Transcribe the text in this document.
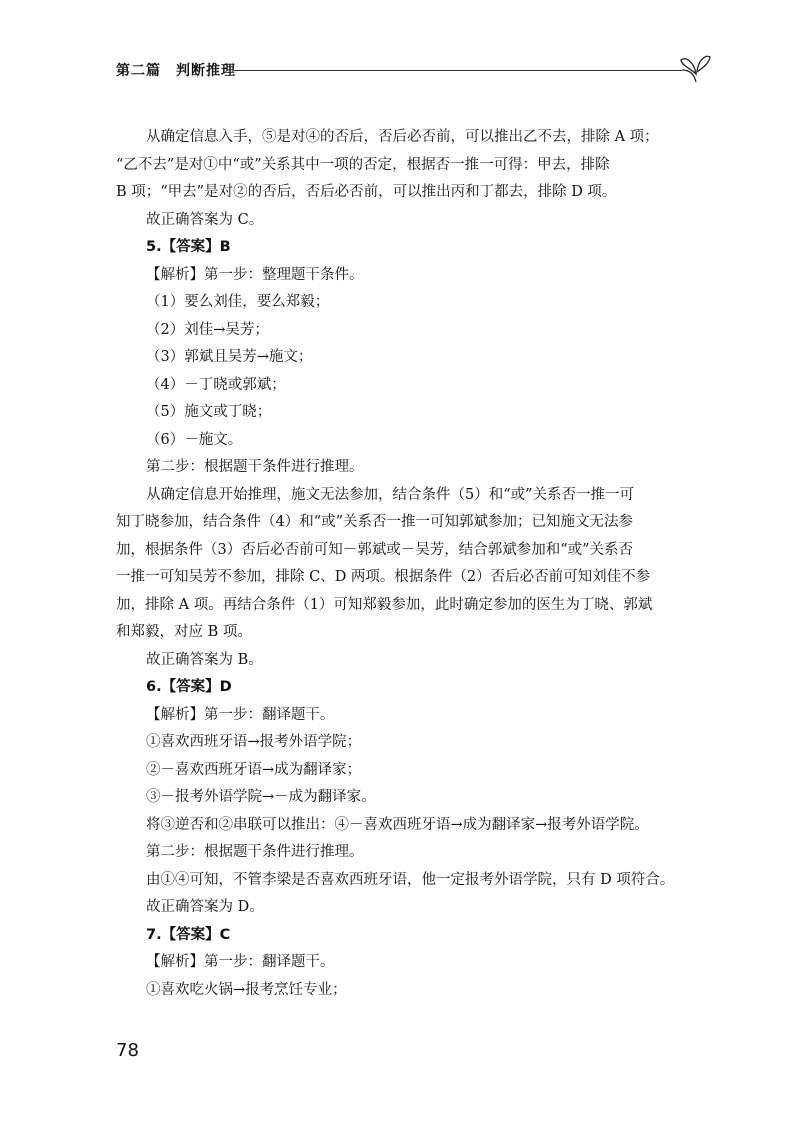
第二篇　判断推理

从确定信息入手，⑤是对④的否后，否后必否前，可以推出乙不去，排除 A 项；

“乙不去”是对①中“或”关系其中一项的否定，根据否一推一可得：甲去，排除

B 项；“甲去”是对②的否后，否后必否前，可以推出丙和丁都去，排除 D 项。

故正确答案为 C。

5.【答案】B

【解析】第一步：整理题干条件。

（1）要么刘佳，要么郑毅；

（2）刘佳→吴芳；

（3）郭斌且吴芳→施文；

（4）－丁晓或郭斌；

（5）施文或丁晓；

（6）－施文。

第二步：根据题干条件进行推理。

从确定信息开始推理，施文无法参加，结合条件（5）和“或”关系否一推一可

知丁晓参加，结合条件（4）和“或”关系否一推一可知郭斌参加；已知施文无法参

加，根据条件（3）否后必否前可知－郭斌或－吴芳，结合郭斌参加和“或”关系否

一推一可知吴芳不参加，排除 C、D 两项。根据条件（2）否后必否前可知刘佳不参

加，排除 A 项。再结合条件（1）可知郑毅参加，此时确定参加的医生为丁晓、郭斌

和郑毅，对应 B 项。

故正确答案为 B。

6.【答案】D

【解析】第一步：翻译题干。

①喜欢西班牙语→报考外语学院；

②－喜欢西班牙语→成为翻译家；

③－报考外语学院→－成为翻译家。

将③逆否和②串联可以推出：④－喜欢西班牙语→成为翻译家→报考外语学院。

第二步：根据题干条件进行推理。

由①④可知，不管李梁是否喜欢西班牙语，他一定报考外语学院，只有 D 项符合。

故正确答案为 D。

7.【答案】C

【解析】第一步：翻译题干。

①喜欢吃火锅→报考烹饪专业；

78
